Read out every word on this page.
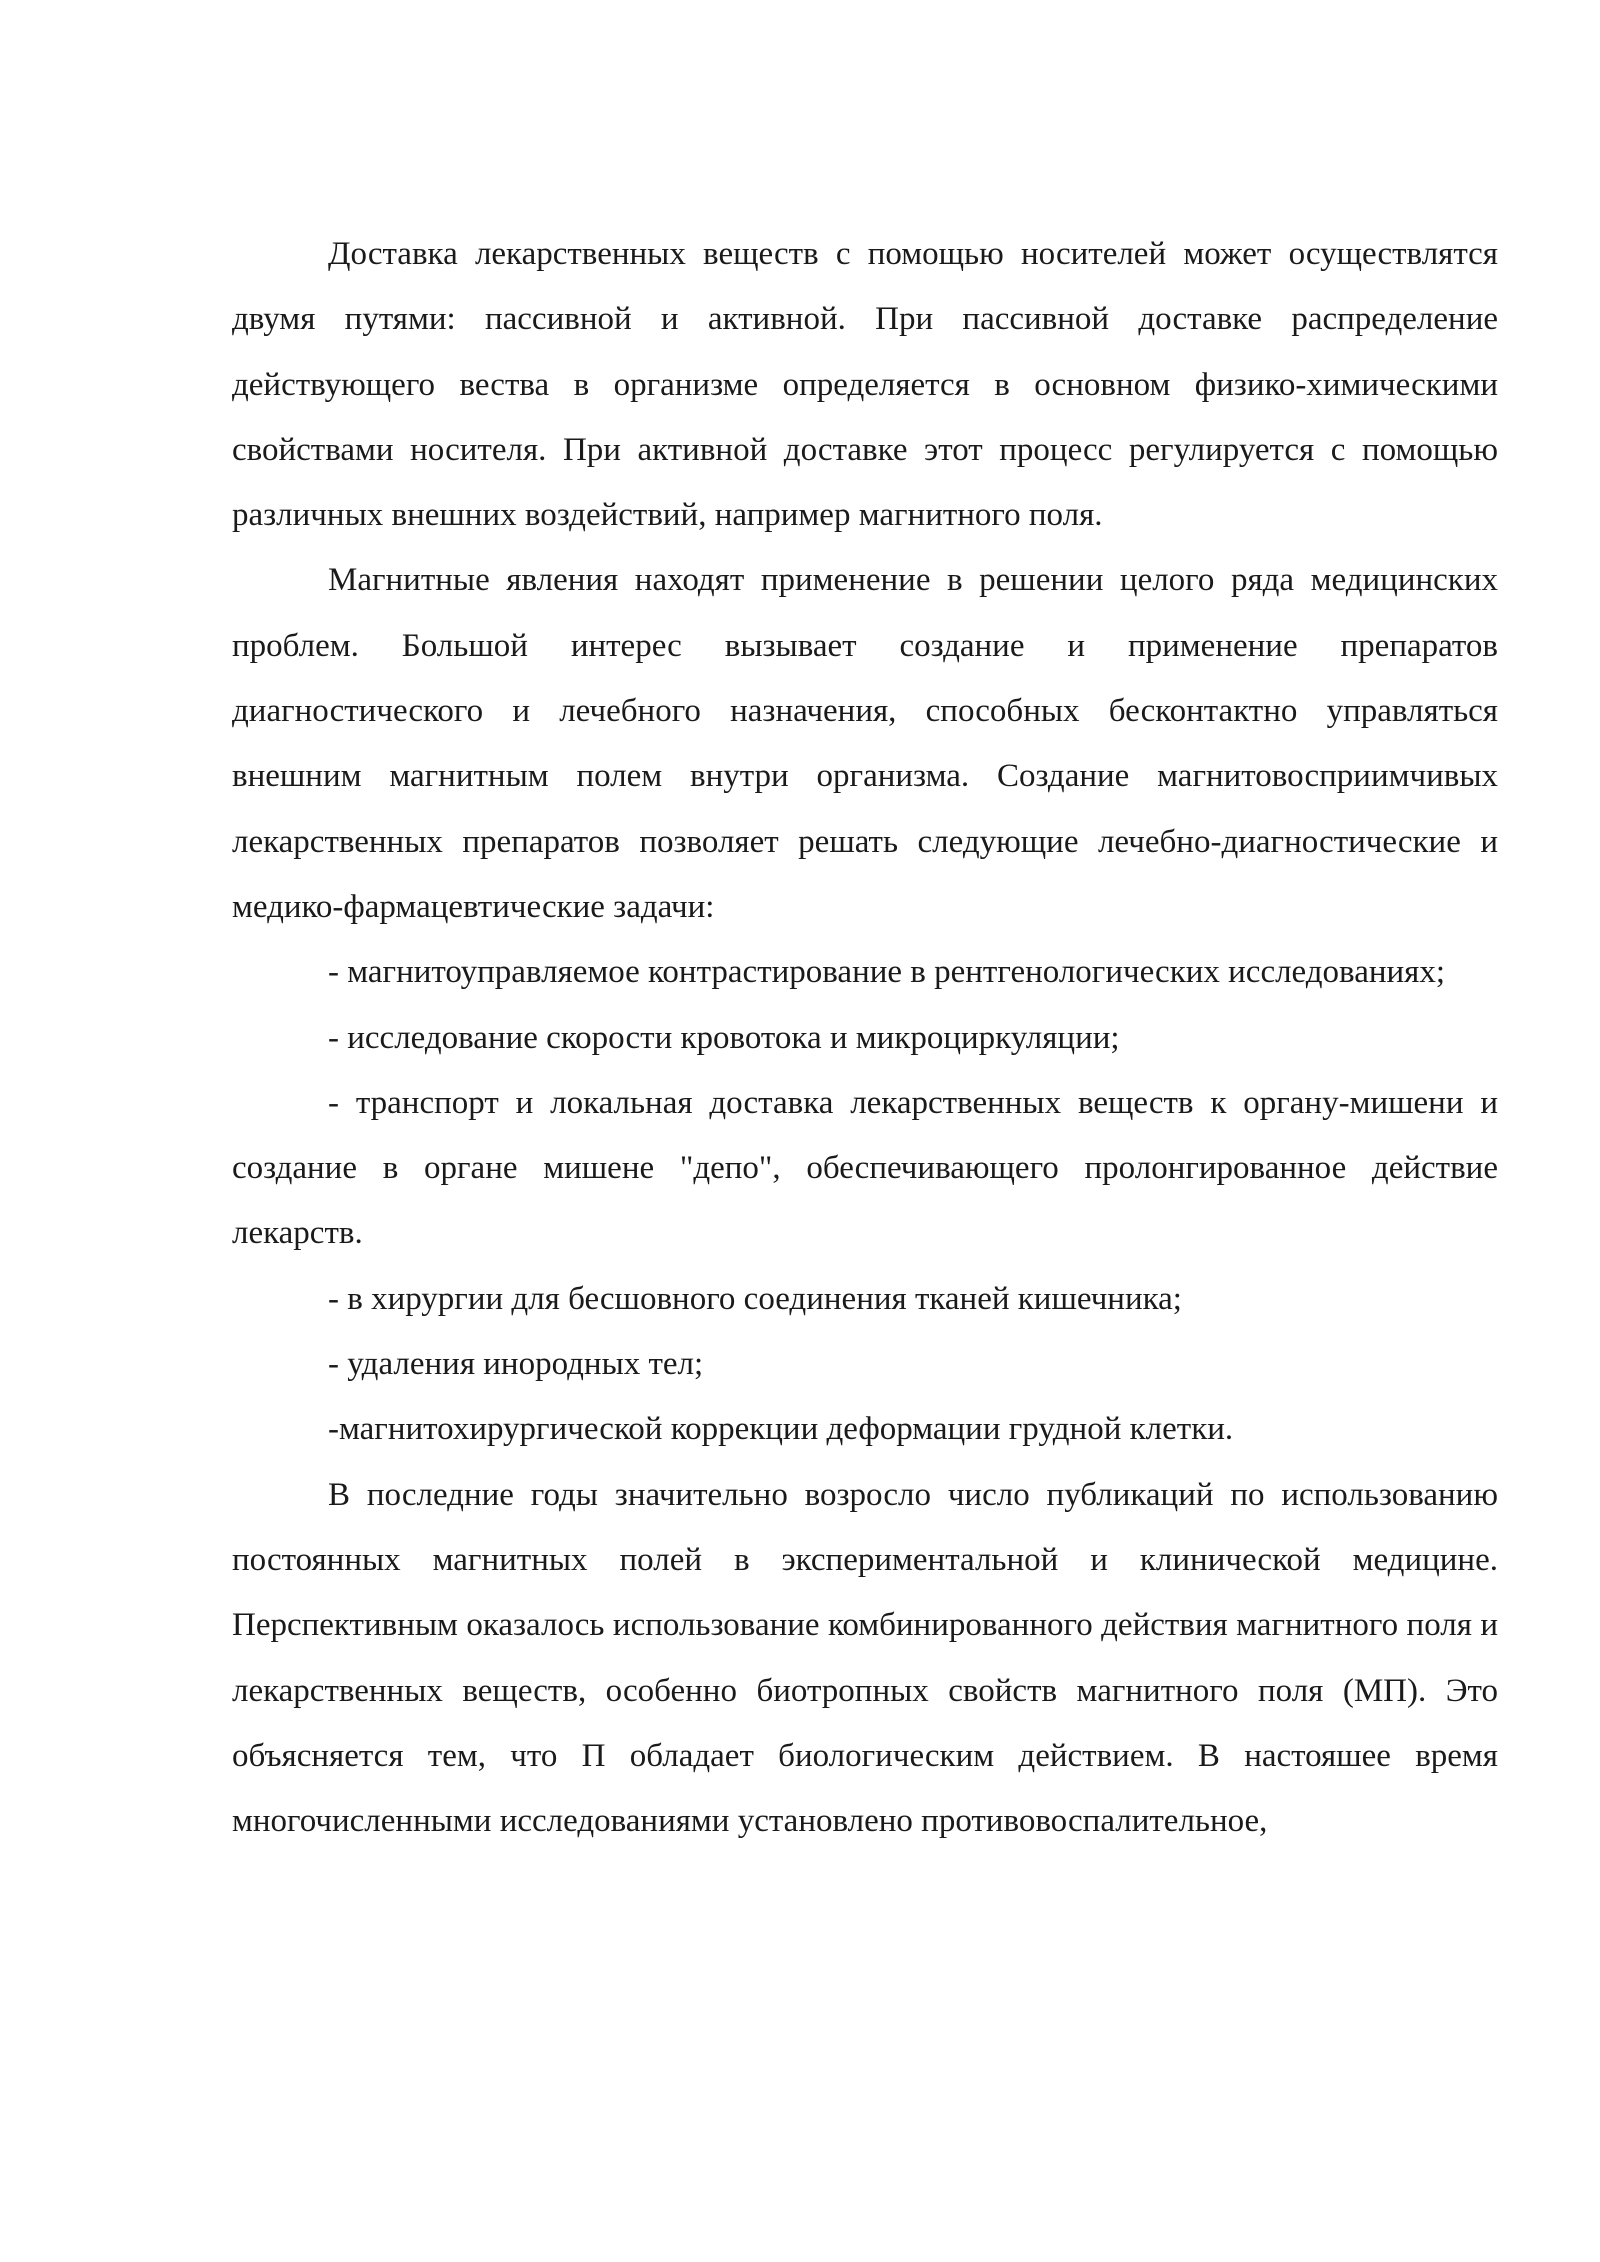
Доставка лекарственных веществ с помощью носителей может осуществлятся двумя путями: пассивной и активной. При пассивной доставке распределение действующего вества в организме определяется в основном физико-химическими свойствами носителя. При активной доставке этот процесс регулируется с помощью различных внешних воздействий, например магнитного поля.

Магнитные явления находят применение в решении целого ряда медицинских проблем. Большой интерес вызывает создание и применение препаратов диагностического и лечебного назначения, способных бесконтактно управляться внешним магнитным полем внутри организма. Создание магнитовосприимчивых лекарственных препаратов позволяет решать следующие лечебно-диагностические и медико-фармацевтические задачи:

- магнитоуправляемое контрастирование в рентгенологических исследованиях;

- исследование скорости кровотока и микроциркуляции;

- транспорт и локальная доставка лекарственных веществ к органу-мишени и создание в органе мишене "депо", обеспечивающего пролонгированное действие лекарств.

- в хирургии для бесшовного соединения тканей кишечника;

- удаления инородных тел;

-магнитохирургической коррекции деформации грудной клетки.

В последние годы значительно возросло число публикаций по использованию постоянных магнитных полей в экспериментальной и клинической медицине. Перспективным оказалось использование комбинированного действия магнитного поля и лекарственных веществ, особенно биотропных свойств магнитного поля (МП). Это объясняется тем, что П обладает биологическим действием. В настояшее время многочисленными исследованиями установлено противовоспалительное,
